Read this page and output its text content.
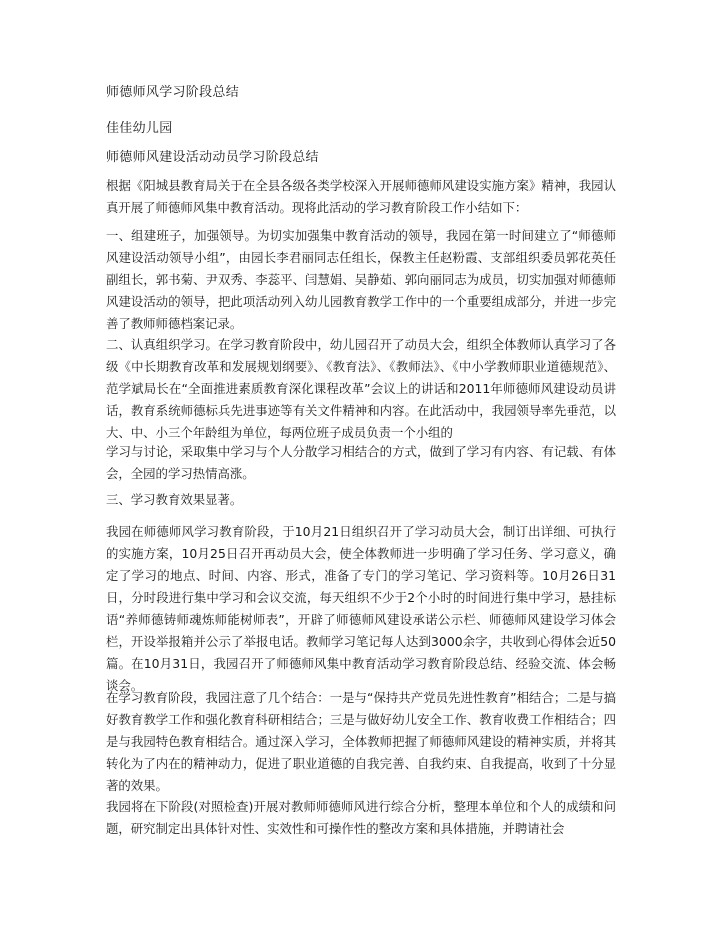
师德师风学习阶段总结
佳佳幼儿园
师德师风建设活动动员学习阶段总结
根据《阳城县教育局关于在全县各级各类学校深入开展师德师风建设实施方案》精神，我园认真开展了师德师风集中教育活动。现将此活动的学习教育阶段工作小结如下：
一、组建班子，加强领导。为切实加强集中教育活动的领导，我园在第一时间建立了“师德师风建设活动领导小组”，由园长李君丽同志任组长，保教主任赵粉霞、支部组织委员郭花英任副组长，郭书菊、尹双秀、李蕊平、闫慧娟、吴静茹、郭向丽同志为成员，切实加强对师德师风建设活动的领导，把此项活动列入幼儿园教育教学工作中的一个重要组成部分，并进一步完善了教师师德档案记录。
二、认真组织学习。在学习教育阶段中，幼儿园召开了动员大会，组织全体教师认真学习了各级《中长期教育改革和发展规划纲要》、《教育法》、《教师法》、《中小学教师职业道德规范》、范学斌局长在“全面推进素质教育深化课程改革”会议上的讲话和2011年师德师风建设动员讲话，教育系统师德标兵先进事迹等有关文件精神和内容。在此活动中，我园领导率先垂范，以大、中、小三个年龄组为单位，每两位班子成员负责一个小组的
学习与讨论，采取集中学习与个人分散学习相结合的方式，做到了学习有内容、有记载、有体会，全园的学习热情高涨。
三、学习教育效果显著。
我园在师德师风学习教育阶段，于10月21日组织召开了学习动员大会，制订出详细、可执行的实施方案，10月25日召开再动员大会，使全体教师进一步明确了学习任务、学习意义，确定了学习的地点、时间、内容、形式，准备了专门的学习笔记、学习资料等。10月26日31日，分时段进行集中学习和会议交流，每天组织不少于2个小时的时间进行集中学习，悬挂标语“养师德铸师魂炼师能树师表”，开辟了师德师风建设承诺公示栏、师德师风建设学习体会栏，开设举报箱并公示了举报电话。教师学习笔记每人达到3000余字，共收到心得体会近50篇。在10月31日，我园召开了师德师风集中教育活动学习教育阶段总结、经验交流、体会畅谈会。
在学习教育阶段，我园注意了几个结合：一是与“保持共产党员先进性教育”相结合；二是与搞好教育教学工作和强化教育科研相结合；三是与做好幼儿安全工作、教育收费工作相结合；四是与我园特色教育相结合。通过深入学习，全体教师把握了师德师风建设的精神实质，并将其转化为了内在的精神动力，促进了职业道德的自我完善、自我约束、自我提高，收到了十分显著的效果。
我园将在下阶段(对照检查)开展对教师师德师风进行综合分析，整理本单位和个人的成绩和问题，研究制定出具体针对性、实效性和可操作性的整改方案和具体措施，并聘请社会
